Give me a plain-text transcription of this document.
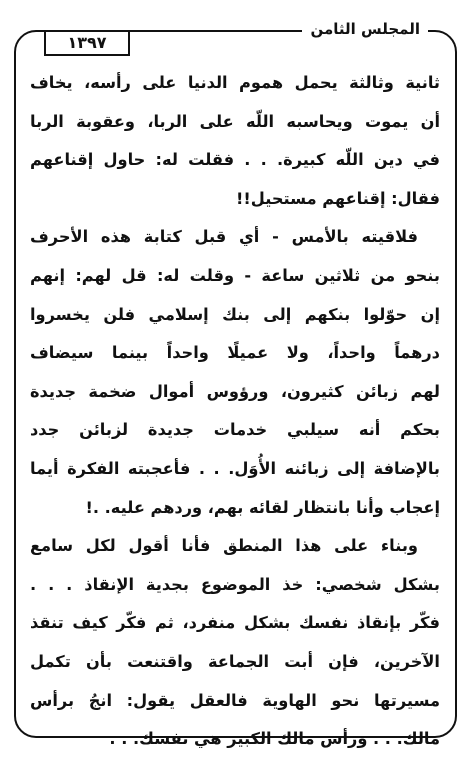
المجلس الثامن
١٣٩٧
ثانية وثالثة يحمل هموم الدنيا على رأسه، يخاف
أن يموت ويحاسبه اللّه على الربا، وعقوبة الربا
في دين اللّه كبيرة. . . فقلت له: حاول إقناعهم
فقال: إقناعهم مستحيل!!
فلاقيته بالأمس - أي قبل كتابة هذه الأحرف
بنحو من ثلاثين ساعة - وقلت له: قل لهم: إنهم
إن حوّلوا بنكهم إلى بنك إسلامي فلن يخسروا
درهماً واحداً، ولا عميلًا واحداً بينما سيضاف
لهم زبائن كثيرون، ورؤوس أموال ضخمة جديدة
بحكم أنه سيلبي خدمات جديدة لزبائن جدد
بالإضافة إلى زبائنه الأُوَل. . . فأعجبته الفكرة أيما
إعجاب وأنا بانتظار لقائه بهم، وردهم عليه. .!
وبناء على هذا المنطق فأنا أقول لكل سامع
بشكل شخصي: خذ الموضوع بجدية الإنقاذ . . .
فكّر بإنقاذ نفسك بشكل منفرد، ثم فكّر كيف تنقذ
الآخرين، فإن أبت الجماعة واقتنعت بأن تكمل
مسيرتها نحو الهاوية فالعقل يقول: انجُ برأس
مالك. . . ورأس مالك الكبير هي نفسك. . .
